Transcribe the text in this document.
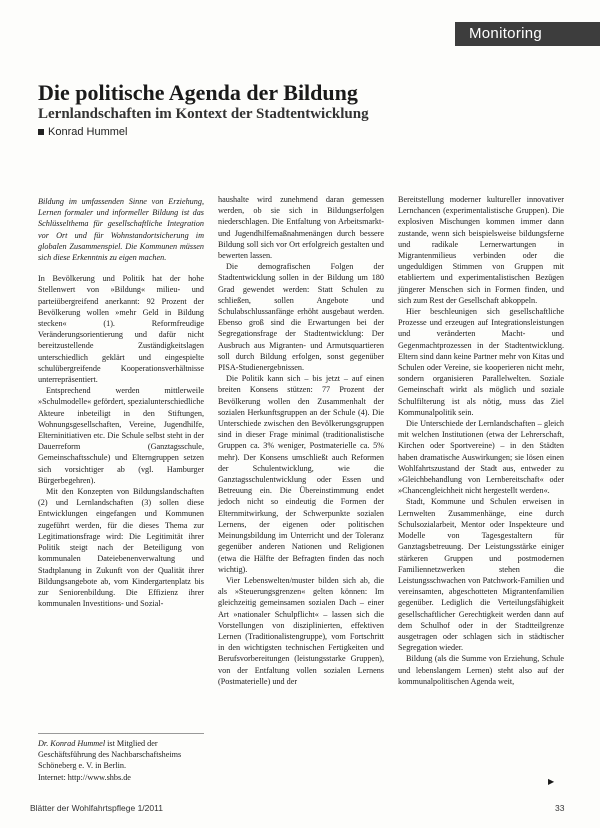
Monitoring
Die politische Agenda der Bildung
Lernlandschaften im Kontext der Stadtentwicklung
Konrad Hummel

Bildung im umfassenden Sinne von Erziehung, Lernen formaler und informeller Bildung ist das Schlüsselthema für gesellschaftliche Integration vor Ort und für Wohnstandortsicherung im globalen Zusammenspiel. Die Kommunen müssen sich diese Erkenntnis zu eigen machen.

In Bevölkerung und Politik hat der hohe Stellenwert von »Bildung« milieu- und parteiübergreifend anerkannt: 92 Prozent der Bevölkerung wollen »mehr Geld in Bildung stecken« (1). Reformfreudige Veränderungsorientierung und dafür nicht bereitzustellende Zuständigkeitslagen unterschiedlich geklärt und eingespielte schulübergreifende Kooperationsverhältnisse unterrepräsentiert.

Entsprechend werden mittlerweile »Schulmodelle« gefördert, spezialunterschiedliche Akteure inbeteiligt in den Stiftungen, Wohnungsgesellschaften, Vereine, Jugendhilfe, Elterninitiativen etc. Die Schule selbst steht in der Dauerreform (Ganztagsschule, Gemeinschaftsschule) und Elterngruppen setzen sich vorsichtiger ab (vgl. Hamburger Bürgerbegehren).

Mit den Konzepten von Bildungslandschaften (2) und Lernlandschaften (3) sollen diese Entwicklungen eingefangen und Kommunen zugeführt werden, für die dieses Thema zur Legitimationsfrage wird: Die Legitimität ihrer Politik steigt nach der Beteiligung von kommunalen Dateiebenenverwaltung und Stadtplanung in Zukunft von der Qualität ihrer Bildungsangebote ab, vom Kindergartenplatz bis zur Seniorenbildung. Die Effizienz ihrer kommunalen Investitions- und Sozial-

Dr. Konrad Hummel ist Mitglied der Geschäftsführung des Nachbarschaftsheims Schöneberg e. V. in Berlin.
Internet: http://www.shbs.de

haushalte wird zunehmend daran gemessen werden, ob sie sich in Bildungserfolgen niederschlagen. Die Entfaltung von Arbeitsmarkt- und Jugendhilfemaßnahmenängen durch bessere Bildung soll sich vor Ort erfolgreich gestalten und bewerten lassen.

Die demografischen Folgen der Stadtentwicklung sollen in der Bildung um 180 Grad gewendet werden: Statt Schulen zu schließen, sollen Angebote und Schulabschlussanfänge erhöht ausgebaut werden. Ebenso groß sind die Erwartungen bei der Segregationsfrage der Stadtentwicklung: Der Ausbruch aus Migranten- und Armutsquartieren soll durch Bildung erfolgen, sonst gegenüber PISA-Studienergebnissen.

Die Politik kann sich – bis jetzt – auf einen breiten Konsens stützen: 77 Prozent der Bevölkerung wollen den Zusammenhalt der sozialen Herkunftsgruppen an der Schule (4). Die Unterschiede zwischen den Bevölkerungsgruppen sind in dieser Frage minimal (traditionalistische Gruppen ca. 3% weniger, Postmaterielle ca. 5% mehr). Der Konsens umschließt auch Reformen der Schulentwicklung, wie die Ganztagsschulentwicklung oder Essen und Betreuung ein. Die Übereinstimmung endet jedoch nicht so eindeutig die Formen der Elternmitwirkung, der Schwerpunkte sozialen Lernens, der eigenen oder politischen Meinungsbildung im Unterricht und der Toleranz gegenüber anderen Nationen und Religionen (etwa die Hälfte der Befragten finden das noch wichtig).

Vier Lebenswelten/muster bilden sich ab, die als »Steuerungsgrenzen« gelten können: Im gleichzeitig gemeinsamen sozialen Dach – einer Art »nationaler Schulpflicht« – lassen sich die Vorstellungen von disziplinierten, effektiven Lernen (Traditionalistengruppe), vom Fortschritt in den wichtigsten technischen Fertigkeiten und Berufsvorbereitungen (leistungsstarke Gruppen), von der Entfaltung vollen sozialen Lernens (Postmaterielle) und der

Bereitstellung moderner kultureller innovativer Lernchancen (experimentalistische Gruppen). Die explosiven Mischungen kommen immer dann zustande, wenn sich beispielsweise bildungsferne und radikale Lernerwartungen in Migrantenmilieus verbinden oder die ungeduldigen Stimmen von Gruppen mit etabliertem und experimentalistischen Bezügen jüngerer Menschen sich in Formen finden, und sich zum Rest der Gesellschaft abkoppeln.

Hier beschleunigen sich gesellschaftliche Prozesse und erzeugen auf Integrationsleistungen und veränderten Macht- und Gegenmachtprozessen in der Stadtentwicklung. Eltern sind dann keine Partner mehr von Kitas und Schulen oder Vereine, sie kooperieren nicht mehr, sondern organisieren Parallelwelten. Soziale Gemeinschaft wirkt als möglich und soziale Schulfilterung ist als nötig, muss das Ziel Kommunalpolitik sein.

Die Unterschiede der Lernlandschaften – gleich mit welchen Institutionen (etwa der Lehrerschaft, Kirchen oder Sportvereine) – in den Städten haben dramatische Auswirkungen; sie lösen einen Wohlfahrtszustand der Stadt aus, entweder zu »Gleichbehandlung von Lernbereitschaft« oder »Chancengleichheit nicht hergestellt werden«.

Stadt, Kommune und Schulen erweisen in Lernwelten Zusammenhänge, eine durch Schulsozialarbeit, Mentor oder Inspekteure und Modelle von Tagesgestaltern für Ganztagsbetreuung. Der Leistungsstärke einiger stärkeren Gruppen und postmodernen Familiennetzwerken stehen die Leistungsschwachen von Patchwork-Familien und vereinsamten, abgeschotteten Migrantenfamilien gegenüber. Lediglich die Verteilungsfähigkeit gesellschaftlicher Gerechtigkeit werden dann auf dem Schulhof oder in der Stadtteilgrenze ausgetragen oder schlagen sich in städtischer Segregation wieder.

Bildung (als die Summe von Erziehung, Schule und lebenslangem Lernen) steht also auf der kommunalpolitischen Agenda weit,

▶
Blätter der Wohlfahrtspflege 1/2011	33
